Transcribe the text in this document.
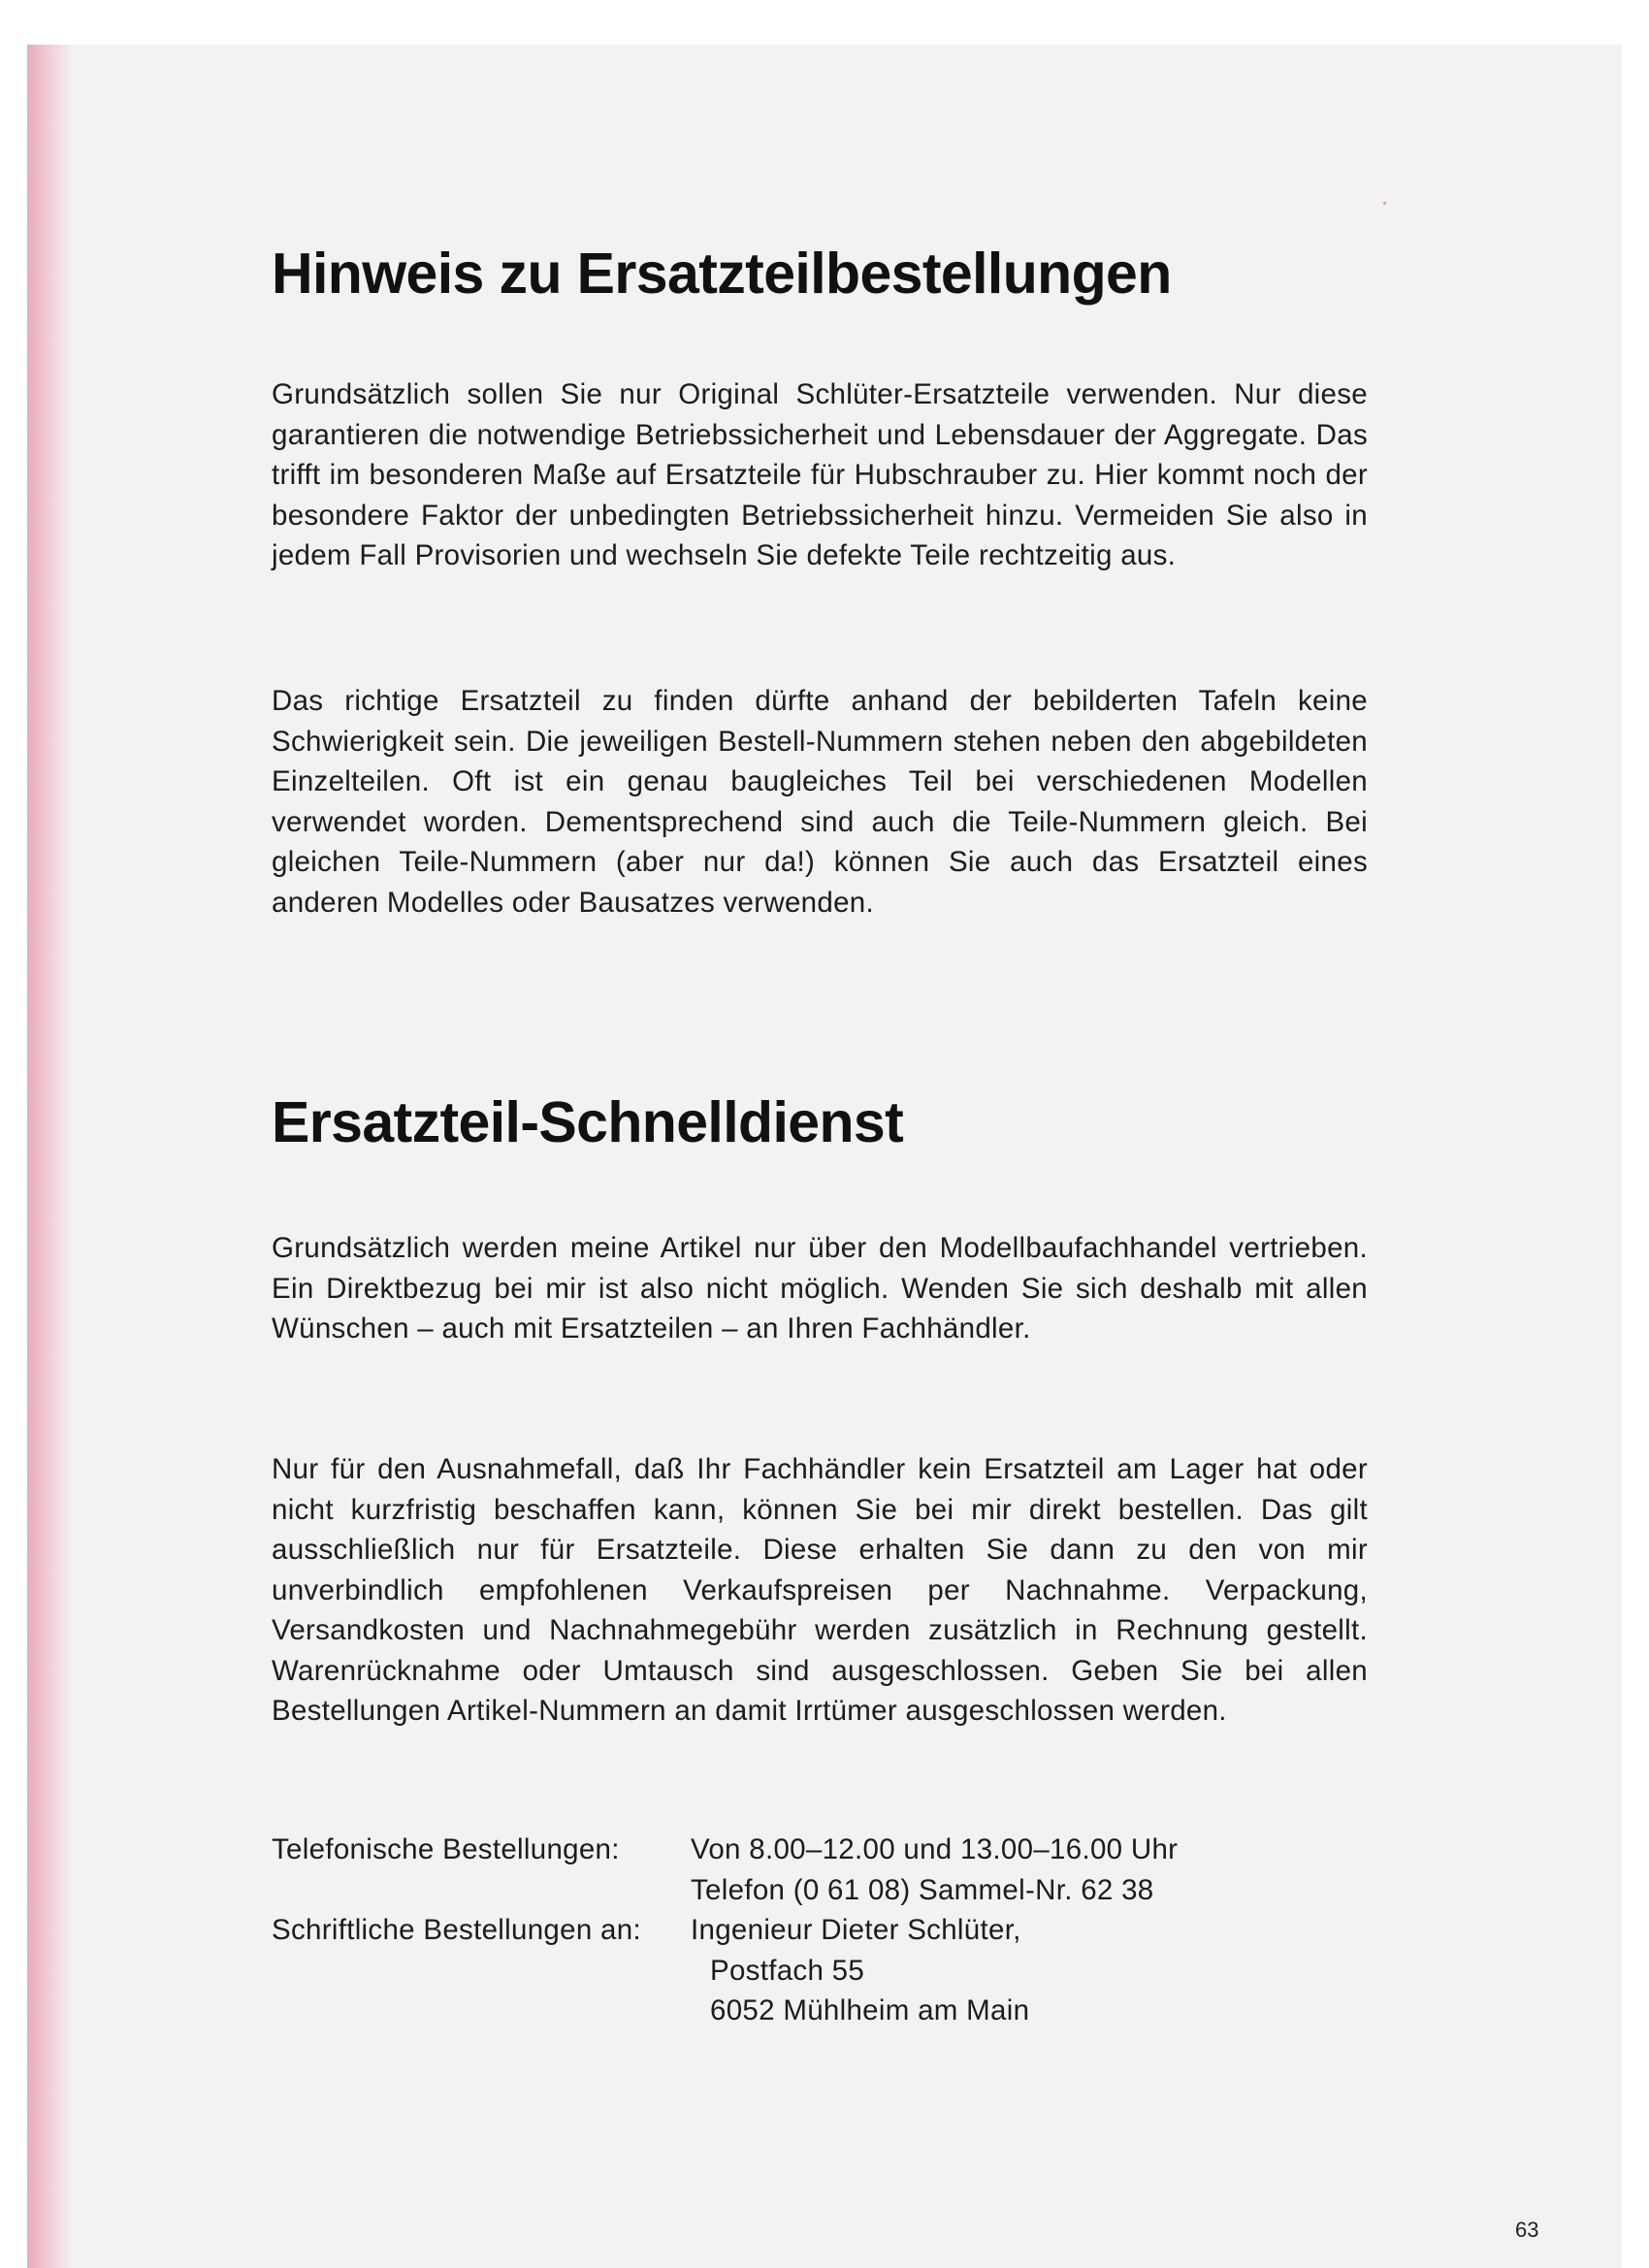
Hinweis zu Ersatzteilbestellungen

Grundsätzlich sollen Sie nur Original Schlüter-Ersatzteile verwenden. Nur diese garantieren die notwendige Betriebssicherheit und Lebensdauer der Aggregate. Das trifft im besonderen Maße auf Ersatzteile für Hubschrauber zu. Hier kommt noch der besondere Faktor der unbedingten Betriebssicherheit hinzu. Vermeiden Sie also in jedem Fall Provisorien und wechseln Sie defekte Teile rechtzeitig aus.

Das richtige Ersatzteil zu finden dürfte anhand der bebilderten Tafeln keine Schwierigkeit sein. Die jeweiligen Bestell-Nummern stehen neben den abgebildeten Einzelteilen. Oft ist ein genau baugleiches Teil bei verschiedenen Modellen verwendet worden. Dementsprechend sind auch die Teile-Nummern gleich. Bei gleichen Teile-Nummern (aber nur da!) können Sie auch das Ersatzteil eines anderen Modelles oder Bausatzes verwenden.

Ersatzteil-Schnelldienst

Grundsätzlich werden meine Artikel nur über den Modellbaufachhandel vertrieben. Ein Direktbezug bei mir ist also nicht möglich. Wenden Sie sich deshalb mit allen Wünschen – auch mit Ersatzteilen – an Ihren Fachhändler.

Nur für den Ausnahmefall, daß Ihr Fachhändler kein Ersatzteil am Lager hat oder nicht kurzfristig beschaffen kann, können Sie bei mir direkt bestellen. Das gilt ausschließlich nur für Ersatzteile. Diese erhalten Sie dann zu den von mir unverbindlich empfohlenen Verkaufspreisen per Nachnahme. Verpackung, Versandkosten und Nachnahmegebühr werden zusätzlich in Rechnung gestellt. Warenrücknahme oder Umtausch sind ausgeschlossen. Geben Sie bei allen Bestellungen Artikel-Nummern an damit Irrtümer ausgeschlossen werden.

Telefonische Bestellungen:	Von 8.00–12.00 und 13.00–16.00 Uhr
Telefon (0 61 08) Sammel-Nr. 62 38
Schriftliche Bestellungen an:	Ingenieur Dieter Schlüter,
Postfach 55
6052 Mühlheim am Main
63
